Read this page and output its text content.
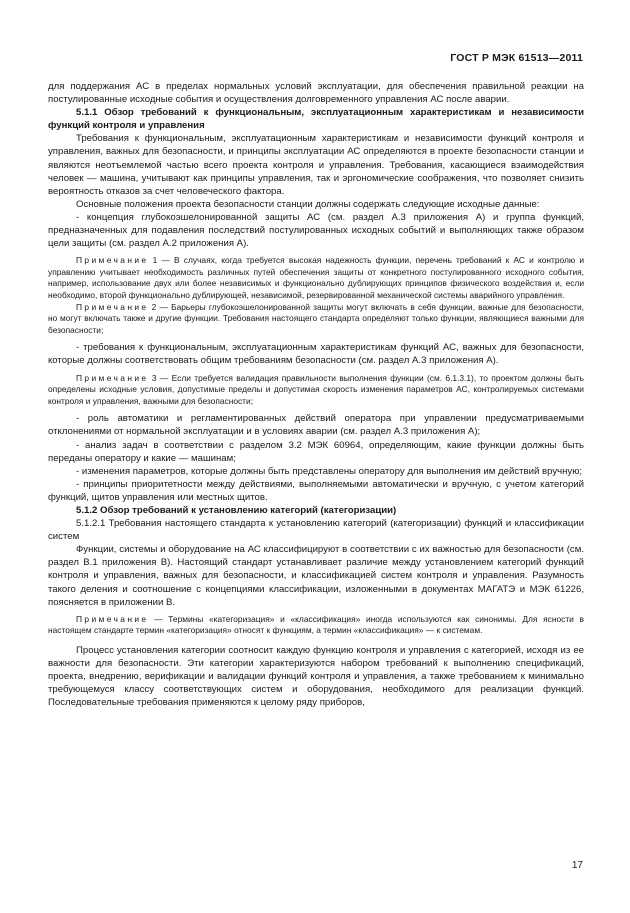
ГОСТ Р МЭК 61513—2011

для поддержания АС в пределах нормальных условий эксплуатации, для обеспечения правильной реакции на постулированные исходные события и осуществления долговременного управления АС после аварии.

5.1.1 Обзор требований к функциональным, эксплуатационным характеристикам и независимости функций контроля и управления

Требования к функциональным, эксплуатационным характеристикам и независимости функций контроля и управления, важных для безопасности, и принципы эксплуатации АС определяются в проекте безопасности станции и являются неотъемлемой частью всего проекта контроля и управления. Требования, касающиеся взаимодействия человек — машина, учитывают как принципы управления, так и эргономические соображения, что позволяет снизить вероятность отказов за счет человеческого фактора.

Основные положения проекта безопасности станции должны содержать следующие исходные данные:

- концепция глубокоэшелонированной защиты АС (см. раздел А.3 приложения А) и группа функций, предназначенных для подавления последствий постулированных исходных событий и выполняющих также образом цели защиты (см. раздел А.2 приложения А).

Примечание 1 — В случаях, когда требуется высокая надежность функции, перечень требований к АС и контролю и управлению учитывает необходимость различных путей обеспечения защиты от конкретного постулированного исходного события, например, использование двух или более независимых и функционально дублирующих принципов физического воздействия и, если необходимо, второй функционально дублирующей, независимой, резервированной механической системы аварийного управления.

Примечание 2 — Барьеры глубокоэшелонированной защиты могут включать в себя функции, важные для безопасности, но могут включать также и другие функции. Требования настоящего стандарта определяют только функции, являющиеся важными для безопасности;

- требования к функциональным, эксплуатационным характеристикам функций АС, важных для безопасности, которые должны соответствовать общим требованиям безопасности (см. раздел А.3 приложения А).

Примечание 3 — Если требуется валидация правильности выполнения функции (см. 6.1.3.1), то проектом должны быть определены исходные условия, допустимые пределы и допустимая скорость изменения параметров АС, контролируемых системами контроля и управления, важными для безопасности;

- роль автоматики и регламентированных действий оператора при управлении предусматриваемыми отклонениями от нормальной эксплуатации и в условиях аварии (см. раздел А.3 приложения А);

- анализ задач в соответствии с разделом 3.2 МЭК 60964, определяющим, какие функции должны быть переданы оператору и какие — машинам;

- изменения параметров, которые должны быть представлены оператору для выполнения им действий вручную;

- принципы приоритетности между действиями, выполняемыми автоматически и вручную, с учетом категорий функций, щитов управления или местных щитов.

5.1.2 Обзор требований к установлению категорий (категоризации)

5.1.2.1 Требования настоящего стандарта к установлению категорий (категоризации) функций и классификации систем

Функции, системы и оборудование на АС классифицируют в соответствии с их важностью для безопасности (см. раздел В.1 приложения В). Настоящий стандарт устанавливает различие между установлением категорий функций контроля и управления, важных для безопасности, и классификацией систем контроля и управления. Разумность такого деления и соотношение с концепциями классификации, изложенными в документах МАГАТЭ и МЭК 61226, поясняется в приложении В.

Примечание — Термины «категоризация» и «классификация» иногда используются как синонимы. Для ясности в настоящем стандарте термин «категоризация» относят к функциям, а термин «классификация» — к системам.

Процесс установления категории соотносит каждую функцию контроля и управления с категорией, исходя из ее важности для безопасности. Эти категории характеризуются набором требований к выполнению спецификаций, проекта, внедрению, верификации и валидации функций контроля и управления, а также требованием к минимально требующемуся классу соответствующих систем и оборудования, необходимого для реализации функций. Последовательные требования применяются к целому ряду приборов,

17
